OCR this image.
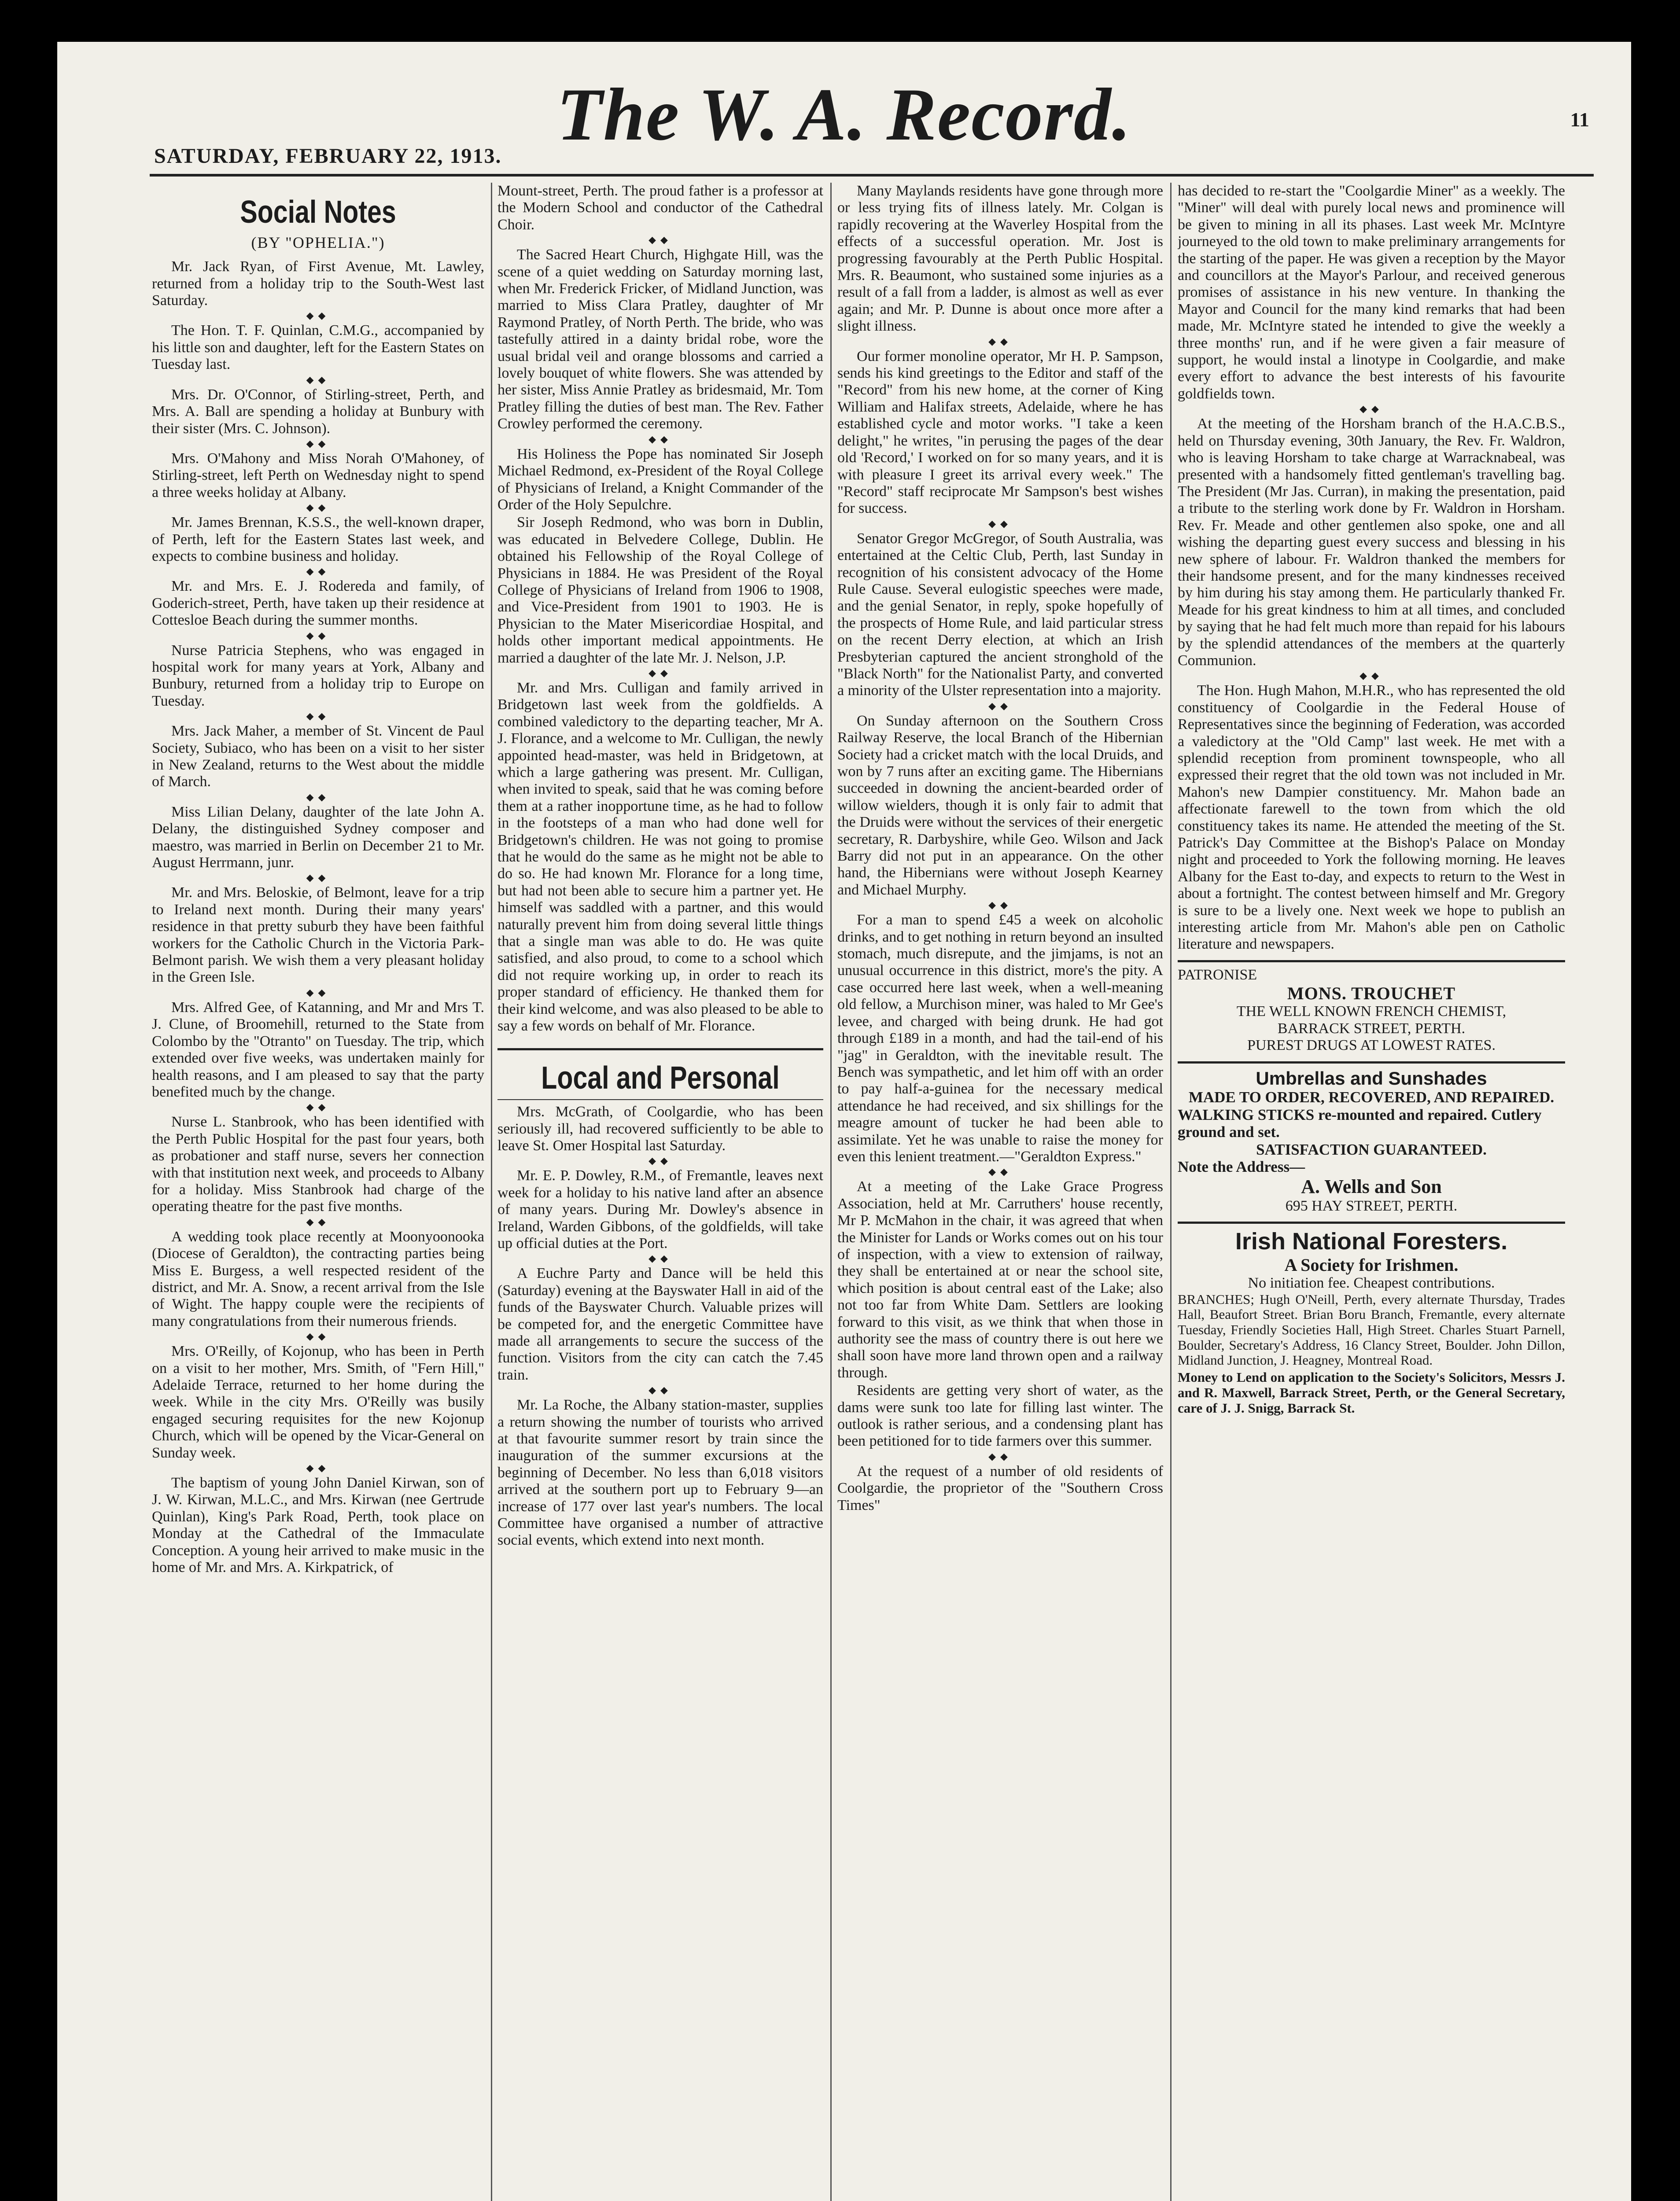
The W. A. Record.	11
SATURDAY, FEBRUARY 22, 1913.
Social Notes
(BY "OPHELIA.")

Mr. Jack Ryan, of First Avenue, Mt. Lawley, returned from a holiday trip to the South-West last Saturday.

◆◆

The Hon. T. F. Quinlan, C.M.G., accompanied by his little son and daughter, left for the Eastern States on Tuesday last.

◆◆

Mrs. Dr. O'Connor, of Stirling-street, Perth, and Mrs. A. Ball are spending a holiday at Bunbury with their sister (Mrs. C. Johnson).

◆◆

Mrs. O'Mahony and Miss Norah O'Mahoney, of Stirling-street, left Perth on Wednesday night to spend a three weeks holiday at Albany.

◆◆

Mr. James Brennan, K.S.S., the well-known draper, of Perth, left for the Eastern States last week, and expects to combine business and holiday.

◆◆

Mr. and Mrs. E. J. Rodereda and family, of Goderich-street, Perth, have taken up their residence at Cottesloe Beach during the summer months.

◆◆

Nurse Patricia Stephens, who was engaged in hospital work for many years at York, Albany and Bunbury, returned from a holiday trip to Europe on Tuesday.

◆◆

Mrs. Jack Maher, a member of St. Vincent de Paul Society, Subiaco, who has been on a visit to her sister in New Zealand, returns to the West about the middle of March.

◆◆

Miss Lilian Delany, daughter of the late John A. Delany, the distinguished Sydney composer and maestro, was married in Berlin on December 21 to Mr. August Herrmann, junr.

◆◆

Mr. and Mrs. Beloskie, of Belmont, leave for a trip to Ireland next month. During their many years' residence in that pretty suburb they have been faithful workers for the Catholic Church in the Victoria Park-Belmont parish. We wish them a very pleasant holiday in the Green Isle.

◆◆

Mrs. Alfred Gee, of Katanning, and Mr and Mrs T. J. Clune, of Broomehill, returned to the State from Colombo by the "Otranto" on Tuesday. The trip, which extended over five weeks, was undertaken mainly for health reasons, and I am pleased to say that the party benefited much by the change.

◆◆

Nurse L. Stanbrook, who has been identified with the Perth Public Hospital for the past four years, both as probationer and staff nurse, severs her connection with that institution next week, and proceeds to Albany for a holiday. Miss Stanbrook had charge of the operating theatre for the past five months.

◆◆

A wedding took place recently at Moonyoonooka (Diocese of Geraldton), the contracting parties being Miss E. Burgess, a well respected resident of the district, and Mr. A. Snow, a recent arrival from the Isle of Wight. The happy couple were the recipients of many congratulations from their numerous friends.

◆◆

Mrs. O'Reilly, of Kojonup, who has been in Perth on a visit to her mother, Mrs. Smith, of "Fern Hill," Adelaide Terrace, returned to her home during the week. While in the city Mrs. O'Reilly was busily engaged securing requisites for the new Kojonup Church, which will be opened by the Vicar-General on Sunday week.

◆◆

The baptism of young John Daniel Kirwan, son of J. W. Kirwan, M.L.C., and Mrs. Kirwan (nee Gertrude Quinlan), King's Park Road, Perth, took place on Monday at the Cathedral of the Immaculate Conception. A young heir arrived to make music in the home of Mr. and Mrs. A. Kirkpatrick, of

Mount-street, Perth. The proud father is a professor at the Modern School and conductor of the Cathedral Choir.

◆◆

The Sacred Heart Church, Highgate Hill, was the scene of a quiet wedding on Saturday morning last, when Mr. Frederick Fricker, of Midland Junction, was married to Miss Clara Pratley, daughter of Mr Raymond Pratley, of North Perth. The bride, who was tastefully attired in a dainty bridal robe, wore the usual bridal veil and orange blossoms and carried a lovely bouquet of white flowers. She was attended by her sister, Miss Annie Pratley as bridesmaid, Mr. Tom Pratley filling the duties of best man. The Rev. Father Crowley performed the ceremony.

◆◆

His Holiness the Pope has nominated Sir Joseph Michael Redmond, ex-President of the Royal College of Physicians of Ireland, a Knight Commander of the Order of the Holy Sepulchre.

Sir Joseph Redmond, who was born in Dublin, was educated in Belvedere College, Dublin. He obtained his Fellowship of the Royal College of Physicians in 1884. He was President of the Royal College of Physicians of Ireland from 1906 to 1908, and Vice-President from 1901 to 1903. He is Physician to the Mater Misericordiae Hospital, and holds other important medical appointments. He married a daughter of the late Mr. J. Nelson, J.P.

◆◆

Mr. and Mrs. Culligan and family arrived in Bridgetown last week from the goldfields. A combined valedictory to the departing teacher, Mr A. J. Florance, and a welcome to Mr. Culligan, the newly appointed head-master, was held in Bridgetown, at which a large gathering was present. Mr. Culligan, when invited to speak, said that he was coming before them at a rather inopportune time, as he had to follow in the footsteps of a man who had done well for Bridgetown's children. He was not going to promise that he would do the same as he might not be able to do so. He had known Mr. Florance for a long time, but had not been able to secure him a partner yet. He himself was saddled with a partner, and this would naturally prevent him from doing several little things that a single man was able to do. He was quite satisfied, and also proud, to come to a school which did not require working up, in order to reach its proper standard of efficiency. He thanked them for their kind welcome, and was also pleased to be able to say a few words on behalf of Mr. Florance.

Local and Personal

Mrs. McGrath, of Coolgardie, who has been seriously ill, had recovered sufficiently to be able to leave St. Omer Hospital last Saturday.

◆◆

Mr. E. P. Dowley, R.M., of Fremantle, leaves next week for a holiday to his native land after an absence of many years. During Mr. Dowley's absence in Ireland, Warden Gibbons, of the goldfields, will take up official duties at the Port.

◆◆

A Euchre Party and Dance will be held this (Saturday) evening at the Bayswater Hall in aid of the funds of the Bayswater Church. Valuable prizes will be competed for, and the energetic Committee have made all arrangements to secure the success of the function. Visitors from the city can catch the 7.45 train.

◆◆

Mr. La Roche, the Albany station-master, supplies a return showing the number of tourists who arrived at that favourite summer resort by train since the inauguration of the summer excursions at the beginning of December. No less than 6,018 visitors arrived at the southern port up to February 9—an increase of 177 over last year's numbers. The local Committee have organised a number of attractive social events, which extend into next month.

Many Maylands residents have gone through more or less trying fits of illness lately. Mr. Colgan is rapidly recovering at the Waverley Hospital from the effects of a successful operation. Mr. Jost is progressing favourably at the Perth Public Hospital. Mrs. R. Beaumont, who sustained some injuries as a result of a fall from a ladder, is almost as well as ever again; and Mr. P. Dunne is about once more after a slight illness.

◆◆

Our former monoline operator, Mr H. P. Sampson, sends his kind greetings to the Editor and staff of the "Record" from his new home, at the corner of King William and Halifax streets, Adelaide, where he has established cycle and motor works. "I take a keen delight," he writes, "in perusing the pages of the dear old 'Record,' I worked on for so many years, and it is with pleasure I greet its arrival every week." The "Record" staff reciprocate Mr Sampson's best wishes for success.

◆◆

Senator Gregor McGregor, of South Australia, was entertained at the Celtic Club, Perth, last Sunday in recognition of his consistent advocacy of the Home Rule Cause. Several eulogistic speeches were made, and the genial Senator, in reply, spoke hopefully of the prospects of Home Rule, and laid particular stress on the recent Derry election, at which an Irish Presbyterian captured the ancient stronghold of the "Black North" for the Nationalist Party, and converted a minority of the Ulster representation into a majority.

◆◆

On Sunday afternoon on the Southern Cross Railway Reserve, the local Branch of the Hibernian Society had a cricket match with the local Druids, and won by 7 runs after an exciting game. The Hibernians succeeded in downing the ancient-bearded order of willow wielders, though it is only fair to admit that the Druids were without the services of their energetic secretary, R. Darbyshire, while Geo. Wilson and Jack Barry did not put in an appearance. On the other hand, the Hibernians were without Joseph Kearney and Michael Murphy.

◆◆

For a man to spend £45 a week on alcoholic drinks, and to get nothing in return beyond an insulted stomach, much disrepute, and the jimjams, is not an unusual occurrence in this district, more's the pity. A case occurred here last week, when a well-meaning old fellow, a Murchison miner, was haled to Mr Gee's levee, and charged with being drunk. He had got through £189 in a month, and had the tail-end of his "jag" in Geraldton, with the inevitable result. The Bench was sympathetic, and let him off with an order to pay half-a-guinea for the necessary medical attendance he had received, and six shillings for the meagre amount of tucker he had been able to assimilate. Yet he was unable to raise the money for even this lenient treatment.—"Geraldton Express."

◆◆

At a meeting of the Lake Grace Progress Association, held at Mr. Carruthers' house recently, Mr P. McMahon in the chair, it was agreed that when the Minister for Lands or Works comes out on his tour of inspection, with a view to extension of railway, they shall be entertained at or near the school site, which position is about central east of the Lake; also not too far from White Dam. Settlers are looking forward to this visit, as we think that when those in authority see the mass of country there is out here we shall soon have more land thrown open and a railway through.

Residents are getting very short of water, as the dams were sunk too late for filling last winter. The outlook is rather serious, and a condensing plant has been petitioned for to tide farmers over this summer.

◆◆

At the request of a number of old residents of Coolgardie, the proprietor of the "Southern Cross Times"

has decided to re-start the "Coolgardie Miner" as a weekly. The "Miner" will deal with purely local news and prominence will be given to mining in all its phases. Last week Mr. McIntyre journeyed to the old town to make preliminary arrangements for the starting of the paper. He was given a reception by the Mayor and councillors at the Mayor's Parlour, and received generous promises of assistance in his new venture. In thanking the Mayor and Council for the many kind remarks that had been made, Mr. McIntyre stated he intended to give the weekly a three months' run, and if he were given a fair measure of support, he would instal a linotype in Coolgardie, and make every effort to advance the best interests of his favourite goldfields town.

◆◆

At the meeting of the Horsham branch of the H.A.C.B.S., held on Thursday evening, 30th January, the Rev. Fr. Waldron, who is leaving Horsham to take charge at Warracknabeal, was presented with a handsomely fitted gentleman's travelling bag. The President (Mr Jas. Curran), in making the presentation, paid a tribute to the sterling work done by Fr. Waldron in Horsham. Rev. Fr. Meade and other gentlemen also spoke, one and all wishing the departing guest every success and blessing in his new sphere of labour. Fr. Waldron thanked the members for their handsome present, and for the many kindnesses received by him during his stay among them. He particularly thanked Fr. Meade for his great kindness to him at all times, and concluded by saying that he had felt much more than repaid for his labours by the splendid attendances of the members at the quarterly Communion.

◆◆

The Hon. Hugh Mahon, M.H.R., who has represented the old constituency of Coolgardie in the Federal House of Representatives since the beginning of Federation, was accorded a valedictory at the "Old Camp" last week. He met with a splendid reception from prominent townspeople, who all expressed their regret that the old town was not included in Mr. Mahon's new Dampier constituency. Mr. Mahon bade an affectionate farewell to the town from which the old constituency takes its name. He attended the meeting of the St. Patrick's Day Committee at the Bishop's Palace on Monday night and proceeded to York the following morning. He leaves Albany for the East to-day, and expects to return to the West in about a fortnight. The contest between himself and Mr. Gregory is sure to be a lively one. Next week we hope to publish an interesting article from Mr. Mahon's able pen on Catholic literature and newspapers.

PATRONISE
MONS. TROUCHET
THE WELL KNOWN FRENCH CHEMIST,
BARRACK STREET, PERTH.
PUREST DRUGS AT LOWEST RATES.
Umbrellas and Sunshades
MADE TO ORDER, RECOVERED, AND REPAIRED.
WALKING STICKS re-mounted and repaired. Cutlery ground and set.
SATISFACTION GUARANTEED.
Note the Address—
A. Wells and Son
695 HAY STREET, PERTH.
Irish National Foresters.
A Society for Irishmen.
No initiation fee. Cheapest contributions.
BRANCHES; Hugh O'Neill, Perth, every alternate Thursday, Trades Hall, Beaufort Street. Brian Boru Branch, Fremantle, every alternate Tuesday, Friendly Societies Hall, High Street. Charles Stuart Parnell, Boulder, Secretary's Address, 16 Clancy Street, Boulder. John Dillon, Midland Junction, J. Heagney, Montreal Road.
Money to Lend on application to the Society's Solicitors, Messrs J. and R. Maxwell, Barrack Street, Perth, or the General Secretary, care of J. J. Snigg, Barrack St.
